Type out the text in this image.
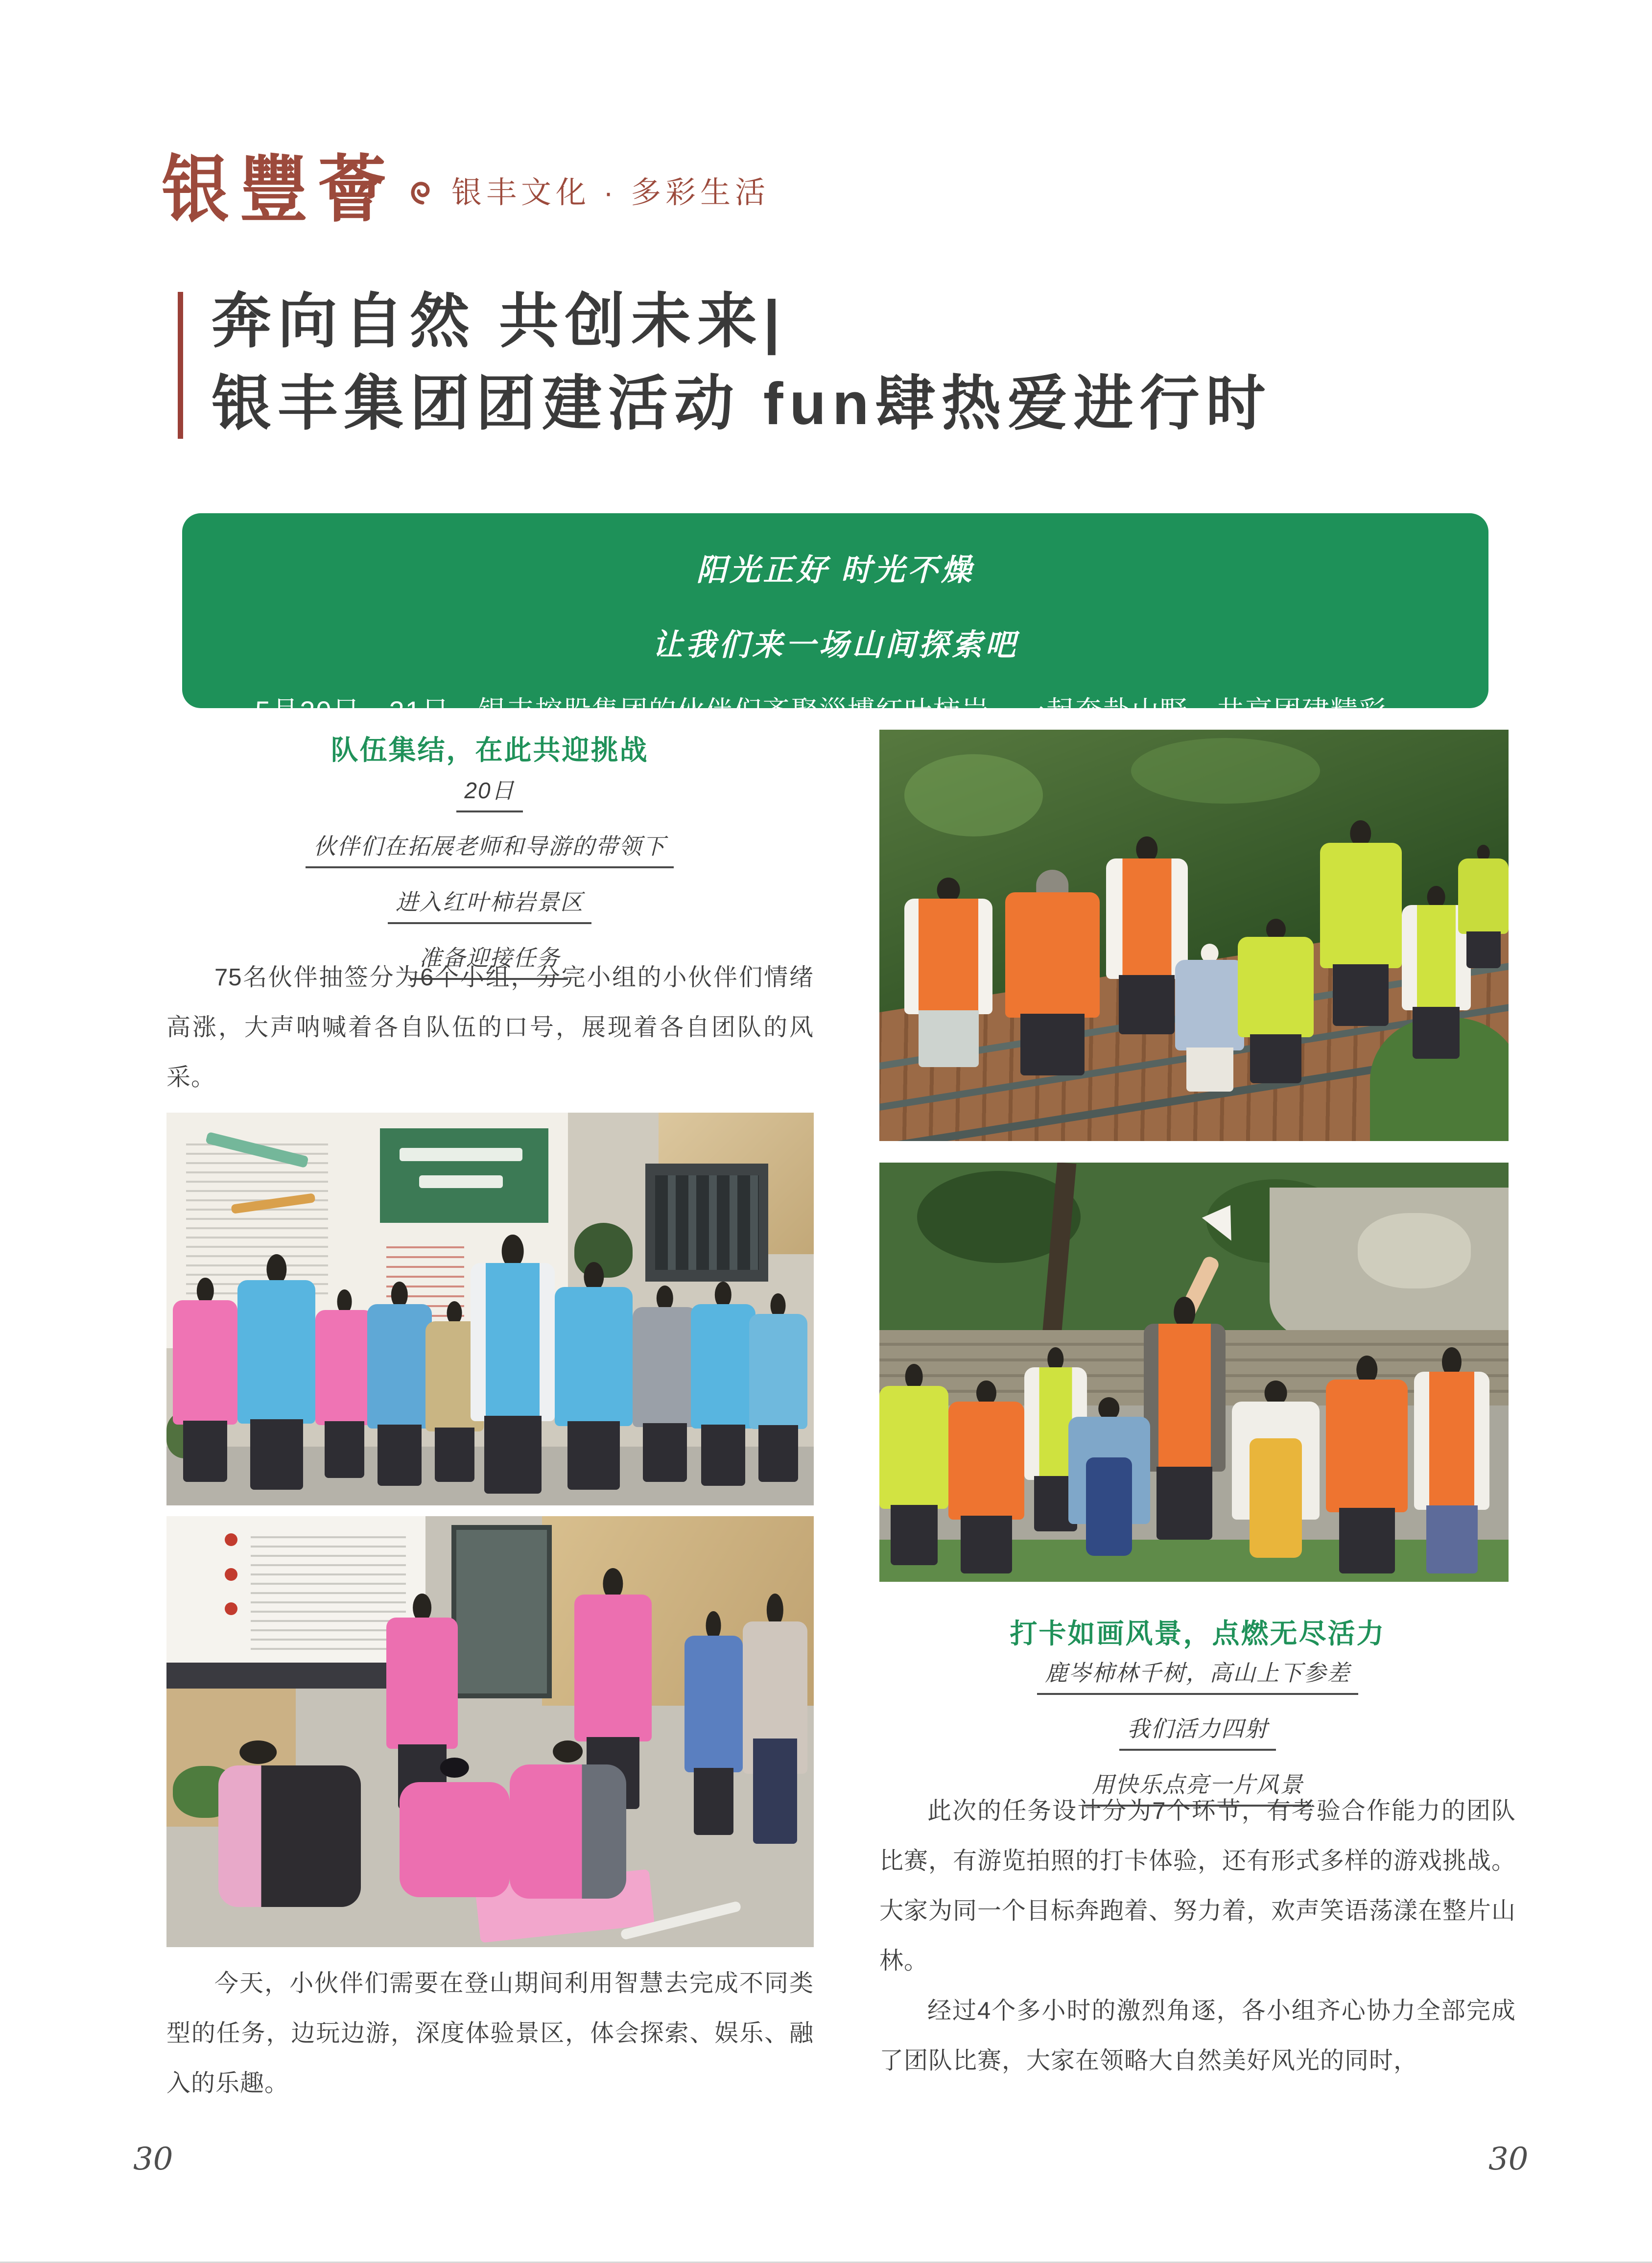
银豐薈 银丰文化 · 多彩生活
奔向自然 共创未来|
银丰集团团建活动 fun肆热爱进行时
阳光正好 时光不燥
让我们来一场山间探索吧
5月20日—21日，银丰控股集团的伙伴们齐聚淄博红叶柿岩，一起奔赴山野，共享团建精彩。
队伍集结，在此共迎挑战
20日
伙伴们在拓展老师和导游的带领下
进入红叶柿岩景区
准备迎接任务

75名伙伴抽签分为6个小组，分完小组的小伙伴们情绪高涨，大声呐喊着各自队伍的口号，展现着各自团队的风采。

今天，小伙伴们需要在登山期间利用智慧去完成不同类型的任务，边玩边游，深度体验景区，体会探索、娱乐、融入的乐趣。

打卡如画风景，点燃无尽活力
鹿岑柿林千树，高山上下参差
我们活力四射
用快乐点亮一片风景

此次的任务设计分为7个环节，有考验合作能力的团队比赛，有游览拍照的打卡体验，还有形式多样的游戏挑战。大家为同一个目标奔跑着、努力着，欢声笑语荡漾在整片山林。

经过4个多小时的激烈角逐，各小组齐心协力全部完成了团队比赛，大家在领略大自然美好风光的同时，

30	30
